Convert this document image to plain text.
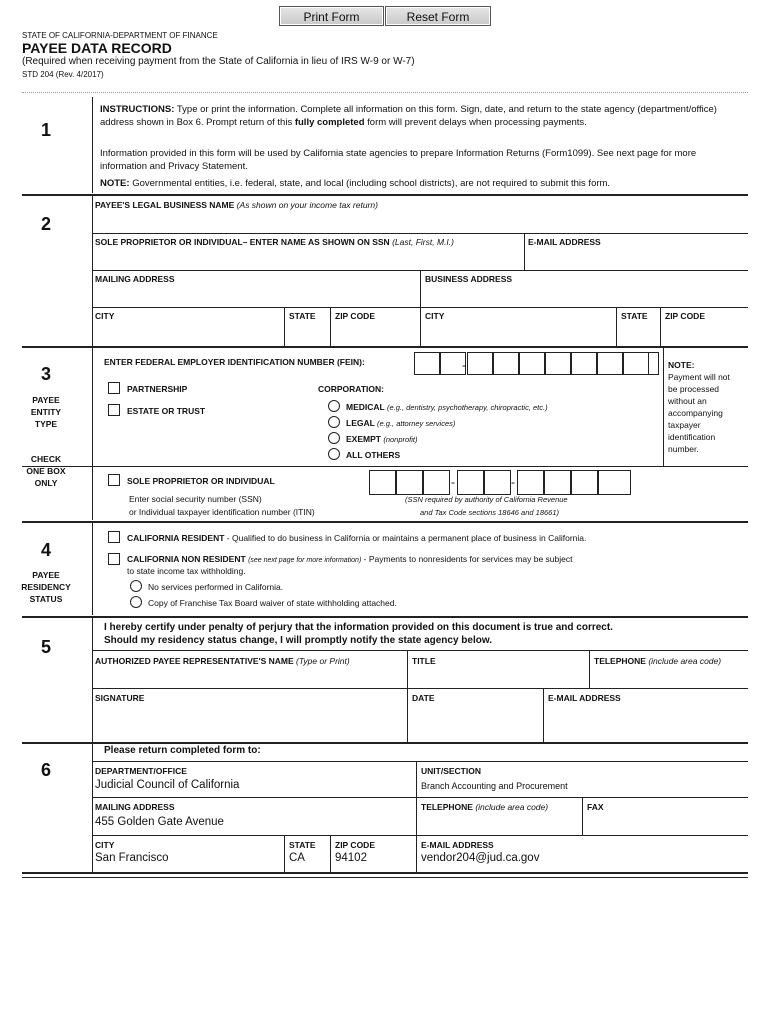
Print Form	Reset Form
STATE OF CALIFORNIA-DEPARTMENT OF FINANCE
PAYEE DATA RECORD
(Required when receiving payment from the State of California in lieu of IRS W-9 or W-7)
STD 204 (Rev. 4/2017)
1
INSTRUCTIONS: Type or print the information. Complete all information on this form. Sign, date, and return to the state agency (department/office) address shown in Box 6. Prompt return of this fully completed form will prevent delays when processing payments.
Information provided in this form will be used by California state agencies to prepare Information Returns (Form1099). See next page for more information and Privacy Statement.
NOTE: Governmental entities, i.e. federal, state, and local (including school districts), are not required to submit this form.
2
PAYEE'S LEGAL BUSINESS NAME (As shown on your income tax return)
SOLE PROPRIETOR OR INDIVIDUAL– ENTER NAME AS SHOWN ON SSN (Last, First, M.I.)	E-MAIL ADDRESS
MAILING ADDRESS	BUSINESS ADDRESS
CITY	STATE ZIP CODE	CITY	STATE ZIP CODE
3
PAYEE
ENTITY
TYPE
CHECK
ONE BOX
ONLY
ENTER FEDERAL EMPLOYER IDENTIFICATION NUMBER (FEIN):	-
PARTNERSHIP
ESTATE OR TRUST
CORPORATION:
MEDICAL (e.g., dentistry, psychotherapy, chiropractic, etc.)
LEGAL (e.g., attorney services)
EXEMPT (nonprofit)
ALL OTHERS
NOTE:
Payment will not
be processed
without an
accompanying
taxpayer
identification
number.
SOLE PROPRIETOR OR INDIVIDUAL
Enter social security number (SSN)
or Individual taxpayer identification number (ITIN)
(SSN required by authority of California Revenue
and Tax Code sections 18646 and 18661)
-	-
4
PAYEE
RESIDENCY
STATUS
CALIFORNIA RESIDENT - Qualified to do business in California or maintains a permanent place of business in California.
CALIFORNIA NON RESIDENT (see next page for more information) - Payments to nonresidents for services may be subject
to state income tax withholding.
No services performed in California.
Copy of Franchise Tax Board waiver of state withholding attached.
5
I hereby certify under penalty of perjury that the information provided on this document is true and correct.
Should my residency status change, I will promptly notify the state agency below.
AUTHORIZED PAYEE REPRESENTATIVE'S NAME (Type or Print)	TITLE	TELEPHONE (include area code)
SIGNATURE	DATE	E-MAIL ADDRESS
6
Please return completed form to:
DEPARTMENT/OFFICE
Judicial Council of California
UNIT/SECTION
Branch Accounting and Procurement
MAILING ADDRESS
455 Golden Gate Avenue
TELEPHONE (include area code)	FAX
CITY
San Francisco
STATE
CA
ZIP CODE
94102
E-MAIL ADDRESS
vendor204@jud.ca.gov
